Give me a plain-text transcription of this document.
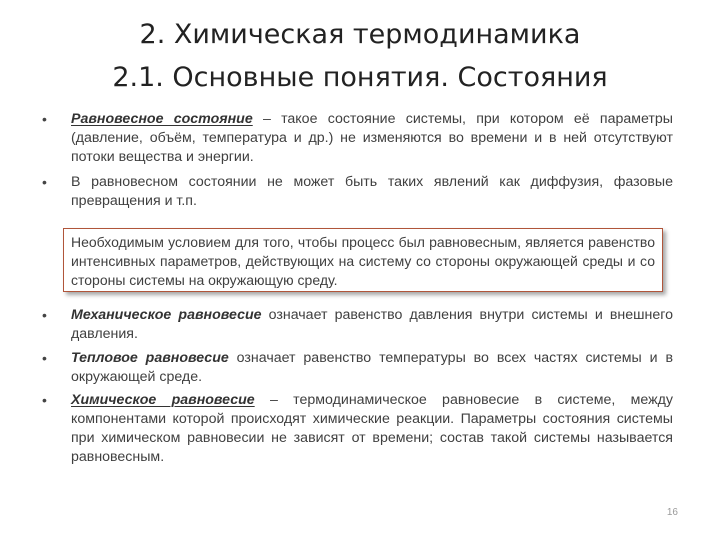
2. Химическая термодинамика
2.1. Основные понятия. Состояния
• Равновесное состояние – такое состояние системы, при котором её параметры (давление, объём, температура и др.) не изменяются во времени и в ней отсутствуют потоки вещества и энергии.
• В равновесном состоянии не может быть таких явлений как диффузия, фазовые превращения и т.п.
Необходимым условием для того, чтобы процесс был равновесным, является равенство интенсивных параметров, действующих на систему со стороны окружающей среды и со стороны системы на окружающую среду.
• Механическое равновесие означает равенство давления внутри системы и внешнего давления.
• Тепловое равновесие означает равенство температуры во всех частях системы и в окружающей среде.
• Химическое равновесие – термодинамическое равновесие в системе, между компонентами которой происходят химические реакции. Параметры состояния системы при химическом равновесии не зависят от времени; состав такой системы называется равновесным.
16
